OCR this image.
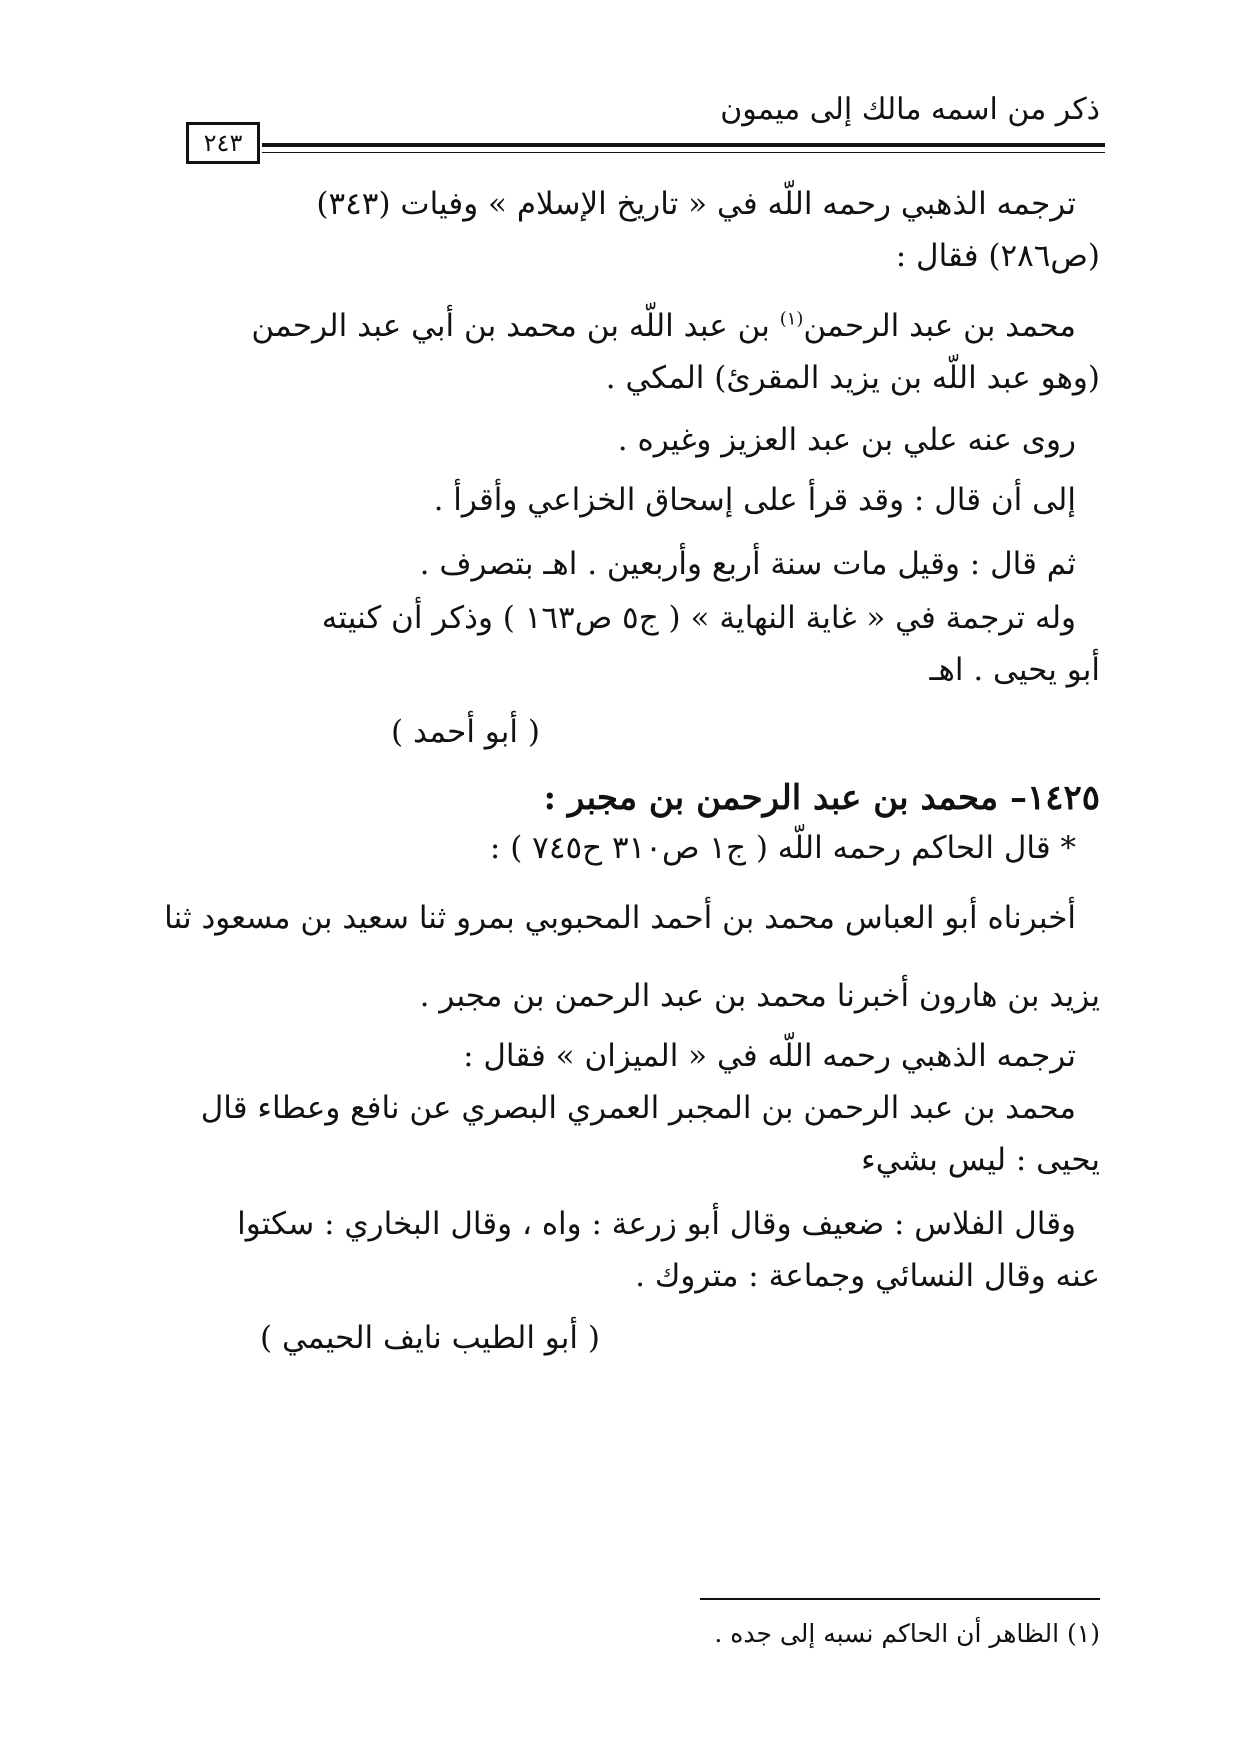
ذكر من اسمه مالك إلى ميمون
٢٤٣
ترجمه الذهبي رحمه اللّه في « تاريخ الإسلام » وفيات (٣٤٣)
(ص٢٨٦) فقال :
محمد بن عبد الرحمن$^{(١)}$ بن عبد اللّه بن محمد بن أبي عبد الرحمن
(وهو عبد اللّه بن يزيد المقرئ) المكي .
روى عنه علي بن عبد العزيز وغيره .
إلى أن قال : وقد قرأ على إسحاق الخزاعي وأقرأ .
ثم قال : وقيل مات سنة أربع وأربعين . اهـ بتصرف .
وله ترجمة في « غاية النهاية » ( ج٥ ص١٦٣ ) وذكر أن كنيته
أبو يحيى . اهـ
( أبو أحمد )
١٤٢٥– محمد بن عبد الرحمن بن مجبر :
* قال الحاكم رحمه اللّه ( ج١ ص٣١٠ ح٧٤٥ ) :
أخبرناه أبو العباس محمد بن أحمد المحبوبي بمرو ثنا سعيد بن مسعود ثنا
يزيد بن هارون أخبرنا محمد بن عبد الرحمن بن مجبر .
ترجمه الذهبي رحمه اللّه في « الميزان » فقال :
محمد بن عبد الرحمن بن المجبر العمري البصري عن نافع وعطاء قال
يحيى : ليس بشيء
وقال الفلاس : ضعيف وقال أبو زرعة : واه ، وقال البخاري : سكتوا
عنه وقال النسائي وجماعة : متروك .
( أبو الطيب نايف الحيمي )
(١) الظاهر أن الحاكم نسبه إلى جده .
